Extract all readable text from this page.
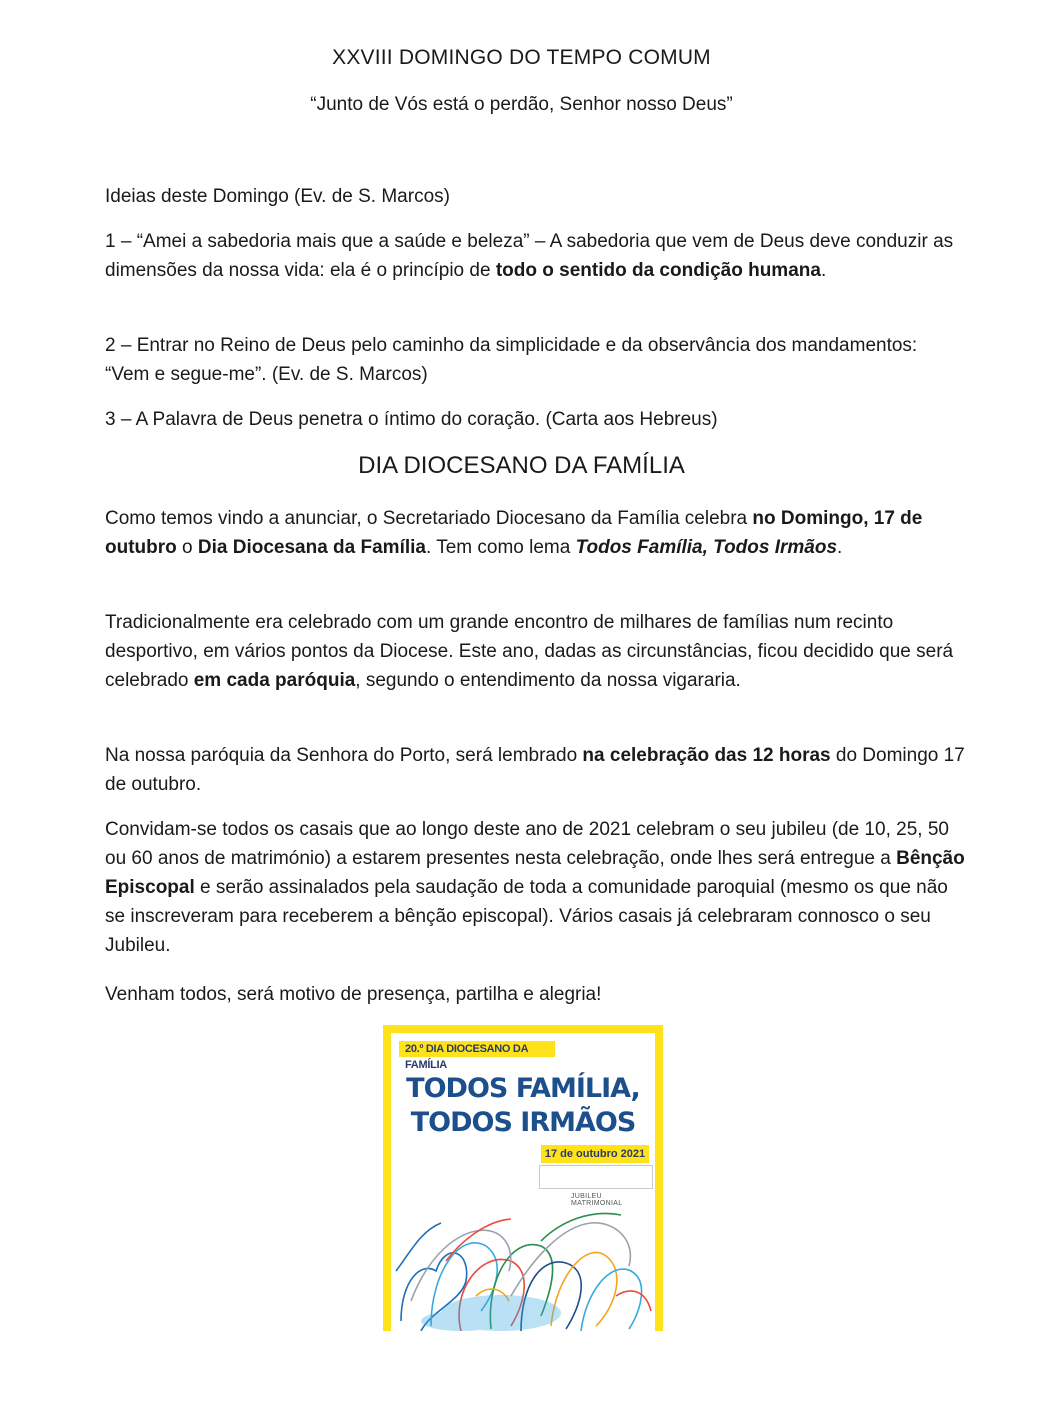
XXVIII DOMINGO DO TEMPO COMUM
“Junto de Vós está o perdão, Senhor nosso Deus”

Ideias deste Domingo (Ev. de S. Marcos)

1 – “Amei a sabedoria mais que a saúde e beleza” – A sabedoria que vem de Deus deve conduzir as dimensões da nossa vida: ela é o princípio de todo o sentido da condição humana.

2 – Entrar no Reino de Deus pelo caminho da simplicidade e da observância dos mandamentos: “Vem e segue-me”. (Ev. de S. Marcos)

3 – A Palavra de Deus penetra o íntimo do coração. (Carta aos Hebreus)

DIA DIOCESANO DA FAMÍLIA

Como temos vindo a anunciar, o Secretariado Diocesano da Família celebra no Domingo, 17 de outubro o Dia Diocesana da Família. Tem como lema Todos Família, Todos Irmãos.

Tradicionalmente era celebrado com um grande encontro de milhares de famílias num recinto desportivo, em vários pontos da Diocese. Este ano, dadas as circunstâncias, ficou decidido que será celebrado em cada paróquia, segundo o entendimento da nossa vigararia.

Na nossa paróquia da Senhora do Porto, será lembrado na celebração das 12 horas do Domingo 17 de outubro.

Convidam-se todos os casais que ao longo deste ano de 2021 celebram o seu jubileu (de 10, 25, 50 ou 60 anos de matrimónio) a estarem presentes nesta celebração, onde lhes será entregue a Bênção Episcopal e serão assinalados pela saudação de toda a comunidade paroquial (mesmo os que não se inscreveram para receberem a bênção episcopal). Vários casais já celebraram connosco o seu Jubileu.

Venham todos, será motivo de presença, partilha e alegria!

20.º DIA DIOCESANO DA FAMÍLIA
TODOS FAMÍLIA,
TODOS IRMÃOS
17 de outubro 2021
JUBILEU MATRIMONIAL
